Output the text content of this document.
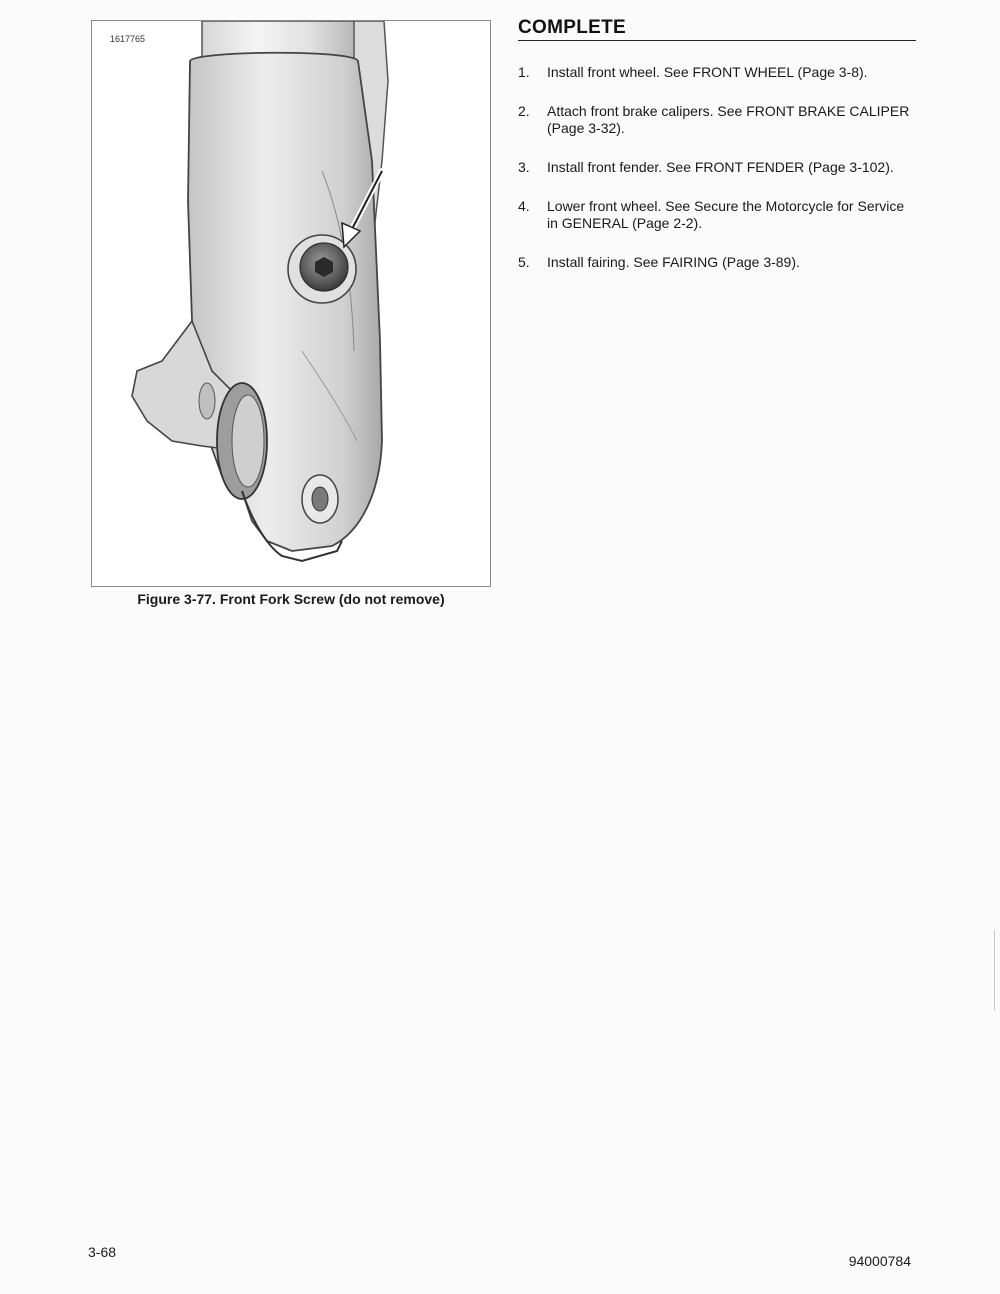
1617765
Figure 3-77. Front Fork Screw (do not remove)
COMPLETE
1.	Install front wheel. See FRONT WHEEL (Page 3-8).
2.	Attach front brake calipers. See FRONT BRAKE CALIPER (Page 3-32).
3.	Install front fender. See FRONT FENDER (Page 3-102).
4.	Lower front wheel. See Secure the Motorcycle for Service in GENERAL (Page 2-2).
5.	Install fairing. See FAIRING (Page 3-89).
3-68
94000784
